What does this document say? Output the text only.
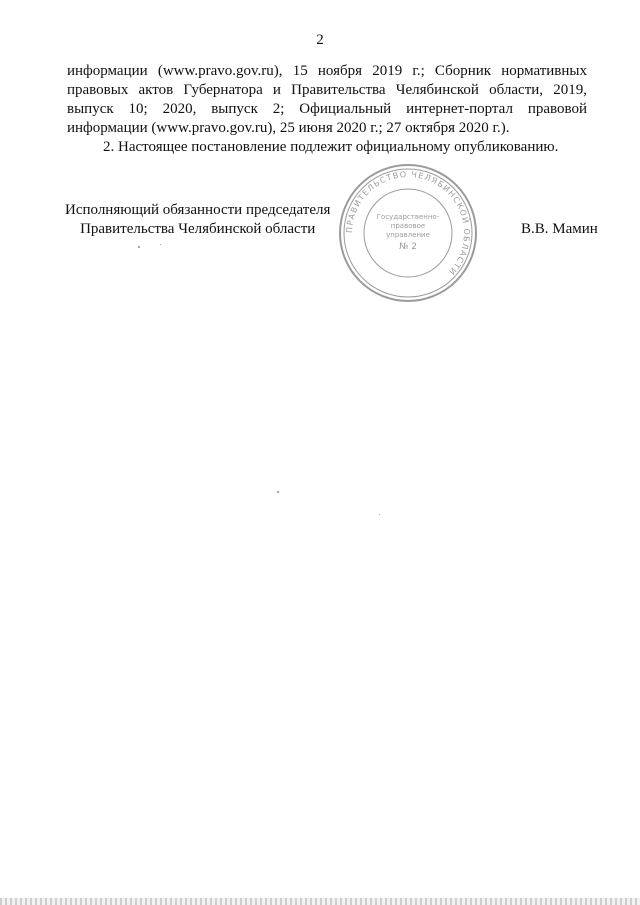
2

информации (www.pravo.gov.ru), 15 ноября 2019 г.; Сборник нормативных правовых актов Губернатора и Правительства Челябинской области, 2019, выпуск 10; 2020, выпуск 2; Официальный интернет-портал правовой информации (www.pravo.gov.ru), 25 июня 2020 г.; 27 октября 2020 г.).

2. Настоящее постановление подлежит официальному опубликованию.

Исполняющий обязанности председателя
Правительства Челябинской области	ПРАВИТЕЛЬСТВО ЧЕЛЯБИНСКОЙ ОБЛАСТИ
Государственно-
правовое
управление
№ 2
В.В. Мамин
